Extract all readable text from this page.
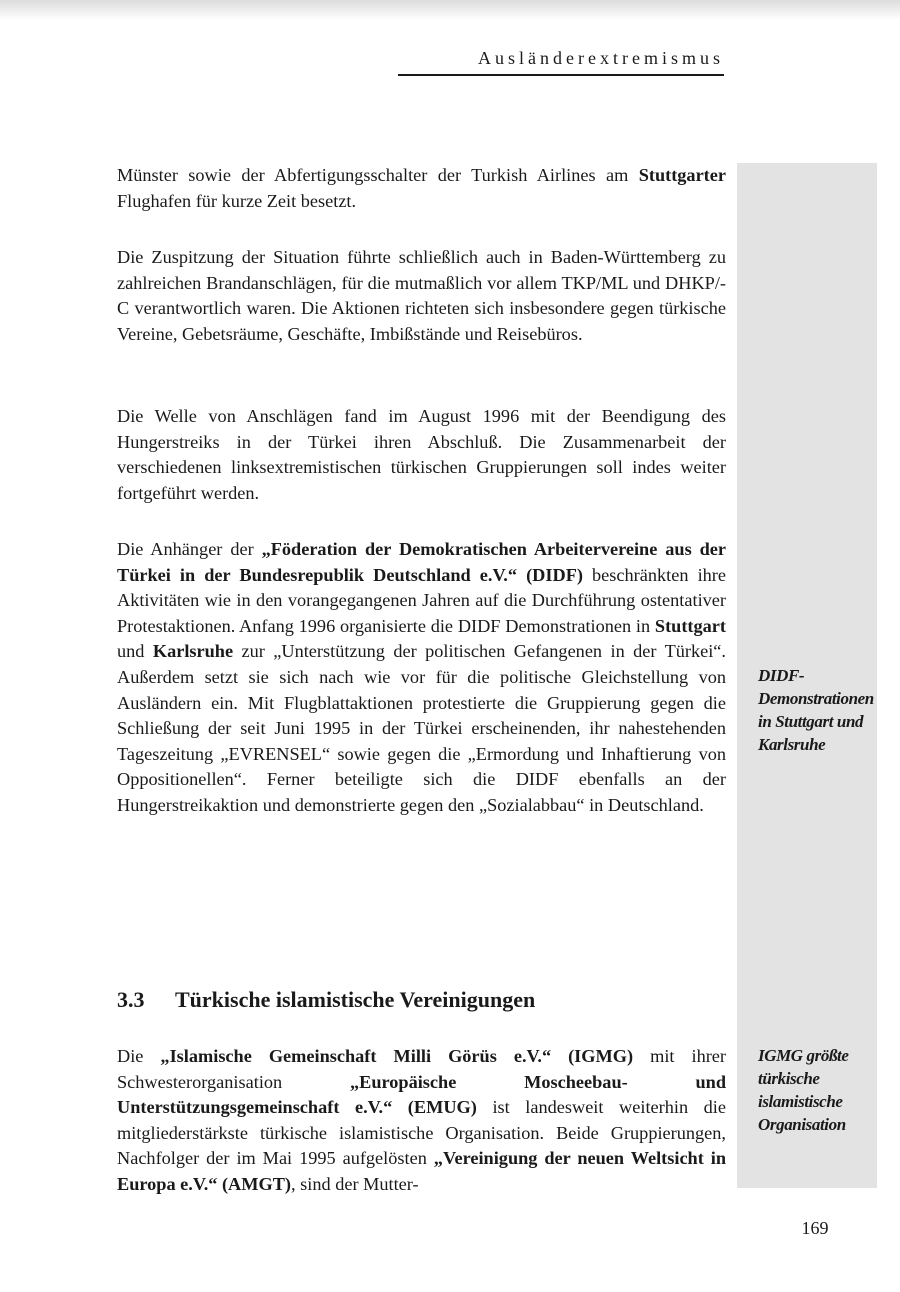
Ausländerextremismus

Münster sowie der Abfertigungsschalter der Turkish Airlines am Stuttgarter Flughafen für kurze Zeit besetzt.

Die Zuspitzung der Situation führte schließlich auch in Baden-Württemberg zu zahlreichen Brandanschlägen, für die mutmaßlich vor allem TKP/ML und DHKP/-C verantwortlich waren. Die Aktionen richteten sich insbesondere gegen türkische Vereine, Gebetsräume, Geschäfte, Imbißstände und Reisebüros.

Die Welle von Anschlägen fand im August 1996 mit der Beendigung des Hungerstreiks in der Türkei ihren Abschluß. Die Zusammenarbeit der verschiedenen linksextremistischen türkischen Gruppierungen soll indes weiter fortgeführt werden.

Die Anhänger der „Föderation der Demokratischen Arbeitervereine aus der Türkei in der Bundesrepublik Deutschland e.V.“ (DIDF) beschränkten ihre Aktivitäten wie in den vorangegangenen Jahren auf die Durchführung ostentativer Protestaktionen. Anfang 1996 organisierte die DIDF Demonstrationen in Stuttgart und Karlsruhe zur „Unterstützung der politischen Gefangenen in der Türkei“. Außerdem setzt sie sich nach wie vor für die politische Gleichstellung von Ausländern ein. Mit Flugblattaktionen protestierte die Gruppierung gegen die Schließung der seit Juni 1995 in der Türkei erscheinenden, ihr nahestehenden Tageszeitung „EVRENSEL“ sowie gegen die „Ermordung und Inhaftierung von Oppositionellen“. Ferner beteiligte sich die DIDF ebenfalls an der Hungerstreikaktion und demonstrierte gegen den „Sozialabbau“ in Deutschland.

3.3 Türkische islamistische Vereinigungen

Die „Islamische Gemeinschaft Milli Görüs e.V.“ (IGMG) mit ihrer Schwesterorganisation „Europäische Moscheebau- und Unterstützungsgemeinschaft e.V.“ (EMUG) ist landesweit weiterhin die mitgliederstärkste türkische islamistische Organisation. Beide Gruppierungen, Nachfolger der im Mai 1995 aufgelösten „Vereinigung der neuen Weltsicht in Europa e.V.“ (AMGT), sind der Mutter-

DIDF-Demonstrationen in Stuttgart und Karlsruhe

IGMG größte türkische islamistische Organisation

169
